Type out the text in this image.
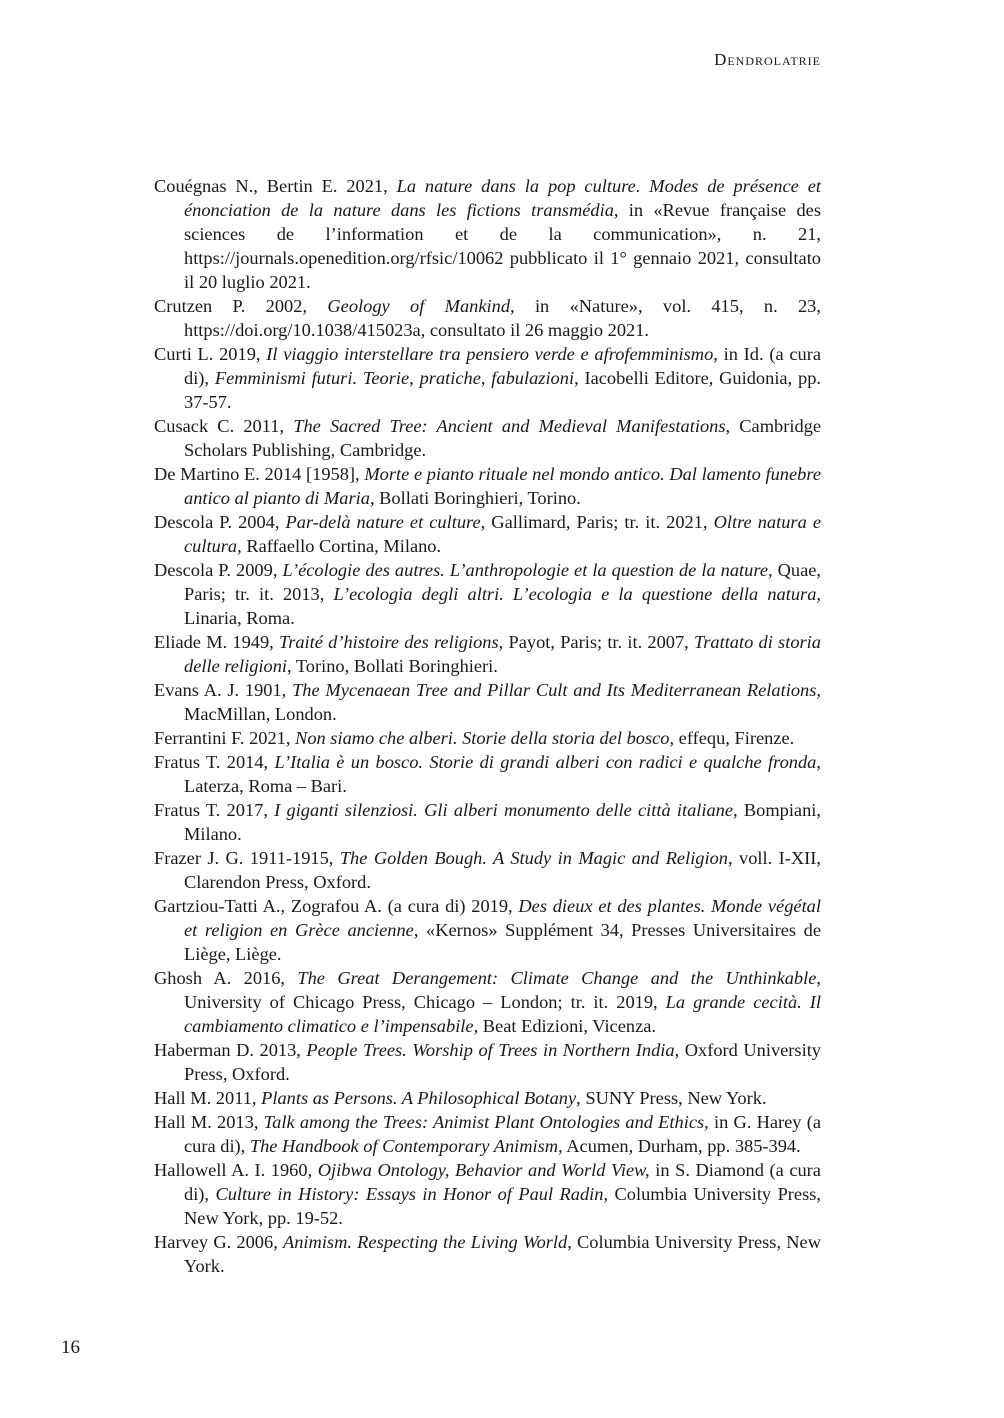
Dendrolatrie
Couégnas N., Bertin E. 2021, La nature dans la pop culture. Modes de présence et énonciation de la nature dans les fictions transmédia, in «Revue française des sciences de l’information et de la communication», n. 21, https://journals.openedition.org/rfsic/10062 pubblicato il 1° gennaio 2021, consultato il 20 luglio 2021.
Crutzen P. 2002, Geology of Mankind, in «Nature», vol. 415, n. 23, https://doi.org/10.1038/415023a, consultato il 26 maggio 2021.
Curti L. 2019, Il viaggio interstellare tra pensiero verde e afrofemminismo, in Id. (a cura di), Femminismi futuri. Teorie, pratiche, fabulazioni, Iacobelli Editore, Guidonia, pp. 37-57.
Cusack C. 2011, The Sacred Tree: Ancient and Medieval Manifestations, Cambridge Scholars Publishing, Cambridge.
De Martino E. 2014 [1958], Morte e pianto rituale nel mondo antico. Dal lamento funebre antico al pianto di Maria, Bollati Boringhieri, Torino.
Descola P. 2004, Par-delà nature et culture, Gallimard, Paris; tr. it. 2021, Oltre natura e cultura, Raffaello Cortina, Milano.
Descola P. 2009, L’écologie des autres. L’anthropologie et la question de la nature, Quae, Paris; tr. it. 2013, L’ecologia degli altri. L’ecologia e la questione della natura, Linaria, Roma.
Eliade M. 1949, Traité d’histoire des religions, Payot, Paris; tr. it. 2007, Trattato di storia delle religioni, Torino, Bollati Boringhieri.
Evans A. J. 1901, The Mycenaean Tree and Pillar Cult and Its Mediterranean Relations, MacMillan, London.
Ferrantini F. 2021, Non siamo che alberi. Storie della storia del bosco, effequ, Firenze.
Fratus T. 2014, L’Italia è un bosco. Storie di grandi alberi con radici e qualche fronda, Laterza, Roma – Bari.
Fratus T. 2017, I giganti silenziosi. Gli alberi monumento delle città italiane, Bompiani, Milano.
Frazer J. G. 1911-1915, The Golden Bough. A Study in Magic and Religion, voll. I-XII, Clarendon Press, Oxford.
Gartziou-Tatti A., Zografou A. (a cura di) 2019, Des dieux et des plantes. Monde végétal et religion en Grèce ancienne, «Kernos» Supplément 34, Presses Universitaires de Liège, Liège.
Ghosh A. 2016, The Great Derangement: Climate Change and the Unthinkable, University of Chicago Press, Chicago – London; tr. it. 2019, La grande cecità. Il cambiamento climatico e l’impensabile, Beat Edizioni, Vicenza.
Haberman D. 2013, People Trees. Worship of Trees in Northern India, Oxford University Press, Oxford.
Hall M. 2011, Plants as Persons. A Philosophical Botany, SUNY Press, New York.
Hall M. 2013, Talk among the Trees: Animist Plant Ontologies and Ethics, in G. Harey (a cura di), The Handbook of Contemporary Animism, Acumen, Durham, pp. 385-394.
Hallowell A. I. 1960, Ojibwa Ontology, Behavior and World View, in S. Diamond (a cura di), Culture in History: Essays in Honor of Paul Radin, Columbia University Press, New York, pp. 19-52.
Harvey G. 2006, Animism. Respecting the Living World, Columbia University Press, New York.
16
